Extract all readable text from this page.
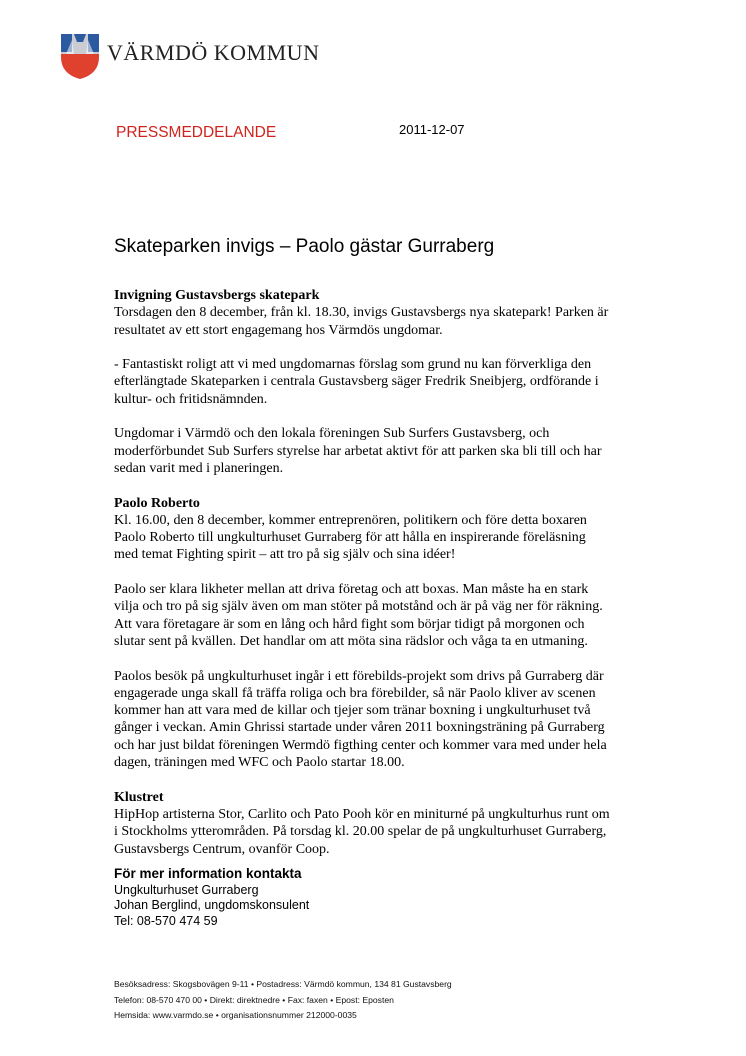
VÄRMDÖ KOMMUN
PRESSMEDDELANDE	2011-12-07
Skateparken invigs – Paolo gästar Gurraberg
Invigning Gustavsbergs skatepark

Torsdagen den 8 december, från kl. 18.30, invigs Gustavsbergs nya skatepark! Parken är
resultatet av ett stort engagemang hos Värmdös ungdomar.

- Fantastiskt roligt att vi med ungdomarnas förslag som grund nu kan förverkliga den
efterlängtade Skateparken i centrala Gustavsberg säger Fredrik Sneibjerg, ordförande i
kultur- och fritidsnämnden.

Ungdomar i Värmdö och den lokala föreningen Sub Surfers Gustavsberg, och
moderförbundet Sub Surfers styrelse har arbetat aktivt för att parken ska bli till och har
sedan varit med i planeringen.

Paolo Roberto

Kl. 16.00, den 8 december, kommer entreprenören, politikern och före detta boxaren
Paolo Roberto till ungkulturhuset Gurraberg för att hålla en inspirerande föreläsning
med temat Fighting spirit – att tro på sig själv och sina idéer!

Paolo ser klara likheter mellan att driva företag och att boxas. Man måste ha en stark
vilja och tro på sig själv även om man stöter på motstånd och är på väg ner för räkning.
Att vara företagare är som en lång och hård fight som börjar tidigt på morgonen och
slutar sent på kvällen. Det handlar om att möta sina rädslor och våga ta en utmaning.

Paolos besök på ungkulturhuset ingår i ett förebilds-projekt som drivs på Gurraberg där
engagerade unga skall få träffa roliga och bra förebilder, så när Paolo kliver av scenen
kommer han att vara med de killar och tjejer som tränar boxning i ungkulturhuset två
gånger i veckan. Amin Ghrissi startade under våren 2011 boxningsträning på Gurraberg
och har just bildat föreningen Wermdö figthing center och kommer vara med under hela
dagen, träningen med WFC och Paolo startar 18.00.

Klustret

HipHop artisterna Stor, Carlito och Pato Pooh kör en miniturné på ungkulturhus runt om
i Stockholms ytterområden. På torsdag kl. 20.00 spelar de på ungkulturhuset Gurraberg,
Gustavsbergs Centrum, ovanför Coop.

För mer information kontakta
Ungkulturhuset Gurraberg
Johan Berglind, ungdomskonsulent
Tel: 08-570 474 59
Besöksadress: Skogsbovägen 9-11 • Postadress: Värmdö kommun, 134 81 Gustavsberg
Telefon: 08-570 470 00 • Direkt: direktnedre • Fax: faxen • Epost: Eposten
Hemsida: www.varmdo.se • organisationsnummer 212000-0035
